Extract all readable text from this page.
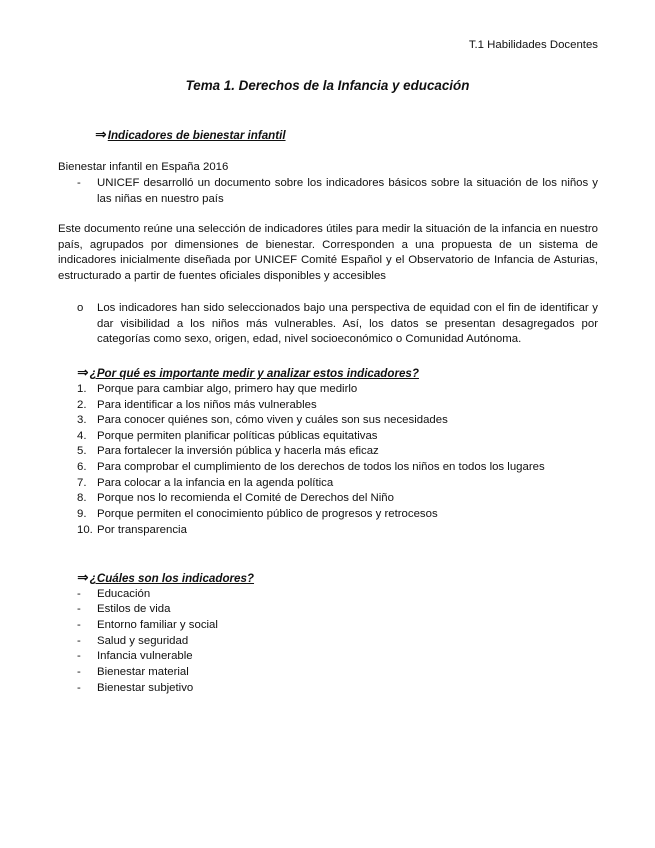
T.1 Habilidades Docentes
Tema 1. Derechos de la Infancia y educación
⇒Indicadores de bienestar infantil
Bienestar infantil en España 2016
- UNICEF desarrolló un documento sobre los indicadores básicos sobre la situación de los niños y las niñas en nuestro país
Este documento reúne una selección de indicadores útiles para medir la situación de la infancia en nuestro país, agrupados por dimensiones de bienestar. Corresponden a una propuesta de un sistema de indicadores inicialmente diseñada por UNICEF Comité Español y el Observatorio de Infancia de Asturias, estructurado a partir de fuentes oficiales disponibles y accesibles
o Los indicadores han sido seleccionados bajo una perspectiva de equidad con el fin de identificar y dar visibilidad a los niños más vulnerables. Así, los datos se presentan desagregados por categorías como sexo, origen, edad, nivel socioeconómico o Comunidad Autónoma.
⇒¿Por qué es importante medir y analizar estos indicadores?
1. Porque para cambiar algo, primero hay que medirlo
2. Para identificar a los niños más vulnerables
3. Para conocer quiénes son, cómo viven y cuáles son sus necesidades
4. Porque permiten planificar políticas públicas equitativas
5. Para fortalecer la inversión pública y hacerla más eficaz
6. Para comprobar el cumplimiento de los derechos de todos los niños en todos los lugares
7. Para colocar a la infancia en la agenda política
8. Porque nos lo recomienda el Comité de Derechos del Niño
9. Porque permiten el conocimiento público de progresos y retrocesos
10. Por transparencia
⇒¿Cuáles son los indicadores?
- Educación
- Estilos de vida
- Entorno familiar y social
- Salud y seguridad
- Infancia vulnerable
- Bienestar material
- Bienestar subjetivo
